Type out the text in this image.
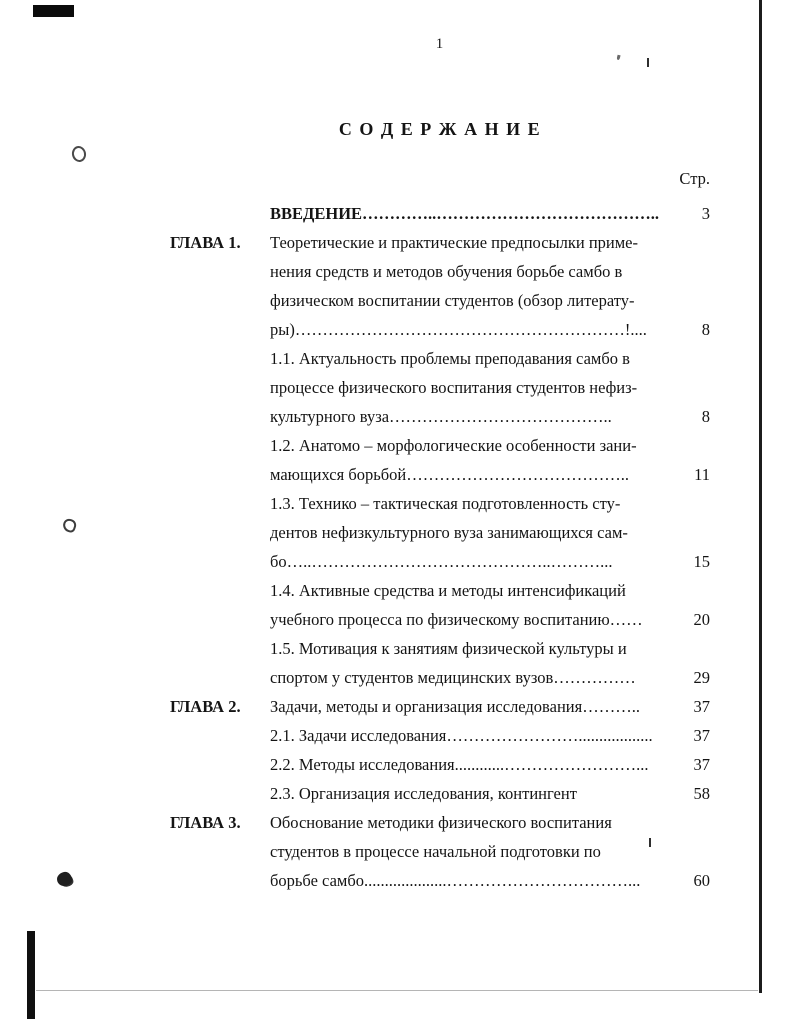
1
С О Д Е Р Ж А Н И Е
Стр.
ВВЕДЕНИЕ…………..…………………………………..	3
ГЛАВА 1.	Теоретические и практические предпосылки приме-
нения средств и методов обучения борьбе самбо в
физическом воспитании студентов (обзор литерату-
ры)……………………………………………………!....	8
1.1. Актуальность проблемы преподавания самбо в
процессе физического воспитания студентов нефиз-
культурного вуза…………………………………..	8
1.2. Анатомо – морфологические особенности зани-
мающихся борьбой…………………………………..	11
1.3. Технико – тактическая подготовленность сту-
дентов нефизкультурного вуза занимающихся сам-
бо…..……………………………………..………...	15
1.4. Активные средства и методы интенсификаций
учебного процесса по физическому воспитанию……	20
1.5. Мотивация к занятиям физической культуры и
спортом у студентов медицинских вузов……………	29
ГЛАВА 2.	Задачи, методы и организация исследования………..	37
2.1. Задачи исследования……………………..................	37
2.2. Методы исследования............……………………...	37
2.3. Организация исследования, контингент	58
ГЛАВА 3.	Обоснование методики физического воспитания
студентов в процессе начальной подготовки по
борьбе самбо....................……………………………...	60
